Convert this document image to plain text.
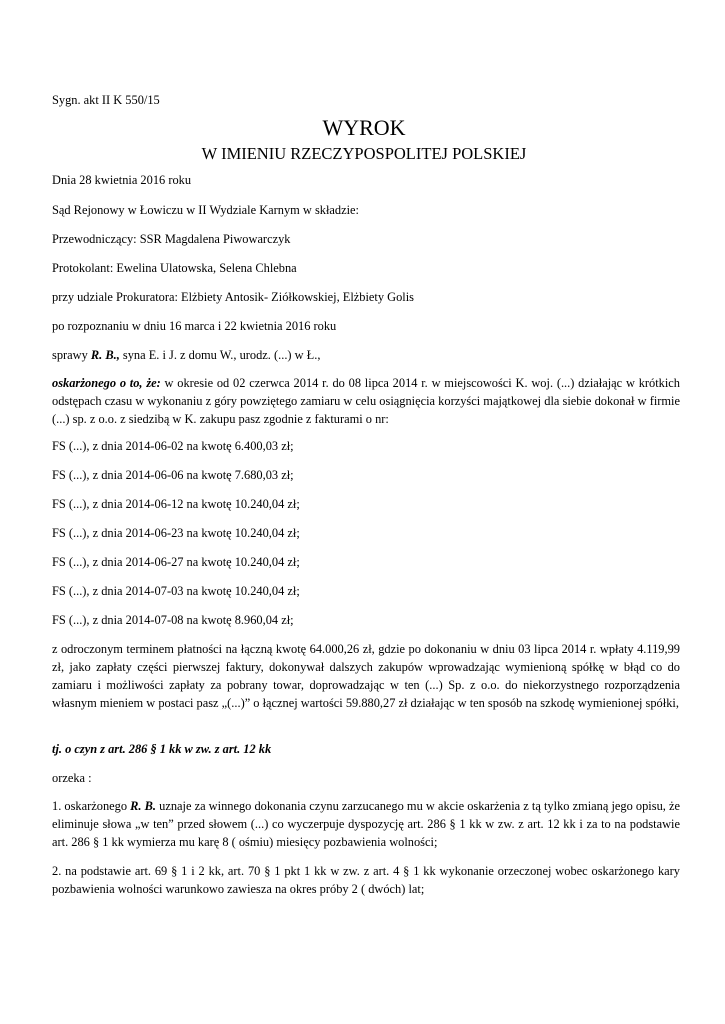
Sygn. akt II K 550/15
WYROK
W IMIENIU RZECZYPOSPOLITEJ POLSKIEJ
Dnia 28 kwietnia 2016 roku
Sąd Rejonowy w Łowiczu w II Wydziale Karnym w składzie:
Przewodniczący: SSR Magdalena Piwowarczyk
Protokolant: Ewelina Ulatowska, Selena Chlebna
przy udziale Prokuratora: Elżbiety Antosik- Ziółkowskiej, Elżbiety Golis
po rozpoznaniu w dniu 16 marca i 22 kwietnia 2016 roku
sprawy R. B., syna E. i J. z domu W., urodz. (...) w Ł.,
oskarżonego o to, że: w okresie od 02 czerwca 2014 r. do 08 lipca 2014 r. w miejscowości K. woj. (...) działając w krótkich odstępach czasu w wykonaniu z góry powziętego zamiaru w celu osiągnięcia korzyści majątkowej dla siebie dokonał w firmie (...) sp. z o.o. z siedzibą w K. zakupu pasz zgodnie z fakturami o nr:
FS (...), z dnia 2014-06-02 na kwotę 6.400,03 zł;
FS (...), z dnia 2014-06-06 na kwotę 7.680,03 zł;
FS (...), z dnia 2014-06-12 na kwotę 10.240,04 zł;
FS (...), z dnia 2014-06-23 na kwotę 10.240,04 zł;
FS (...), z dnia 2014-06-27 na kwotę 10.240,04 zł;
FS (...), z dnia 2014-07-03 na kwotę 10.240,04 zł;
FS (...), z dnia 2014-07-08 na kwotę 8.960,04 zł;
z odroczonym terminem płatności na łączną kwotę 64.000,26 zł, gdzie po dokonaniu w dniu 03 lipca 2014 r. wpłaty 4.119,99 zł, jako zapłaty części pierwszej faktury, dokonywał dalszych zakupów wprowadzając wymienioną spółkę w błąd co do zamiaru i możliwości zapłaty za pobrany towar, doprowadzając w ten (...) Sp. z o.o. do niekorzystnego rozporządzenia własnym mieniem w postaci pasz „(...)” o łącznej wartości 59.880,27 zł działając w ten sposób na szkodę wymienionej spółki,
tj. o czyn z art. 286 § 1 kk w zw. z art. 12 kk
orzeka :
1. oskarżonego R. B. uznaje za winnego dokonania czynu zarzucanego mu w akcie oskarżenia z tą tylko zmianą jego opisu, że eliminuje słowa „w ten” przed słowem (...) co wyczerpuje dyspozycję art. 286 § 1 kk w zw. z art. 12 kk i za to na podstawie art. 286 § 1 kk wymierza mu karę 8 ( ośmiu) miesięcy pozbawienia wolności;
2. na podstawie art. 69 § 1 i 2 kk, art. 70 § 1 pkt 1 kk w zw. z art. 4 § 1 kk wykonanie orzeczonej wobec oskarżonego kary pozbawienia wolności warunkowo zawiesza na okres próby 2 ( dwóch) lat;
